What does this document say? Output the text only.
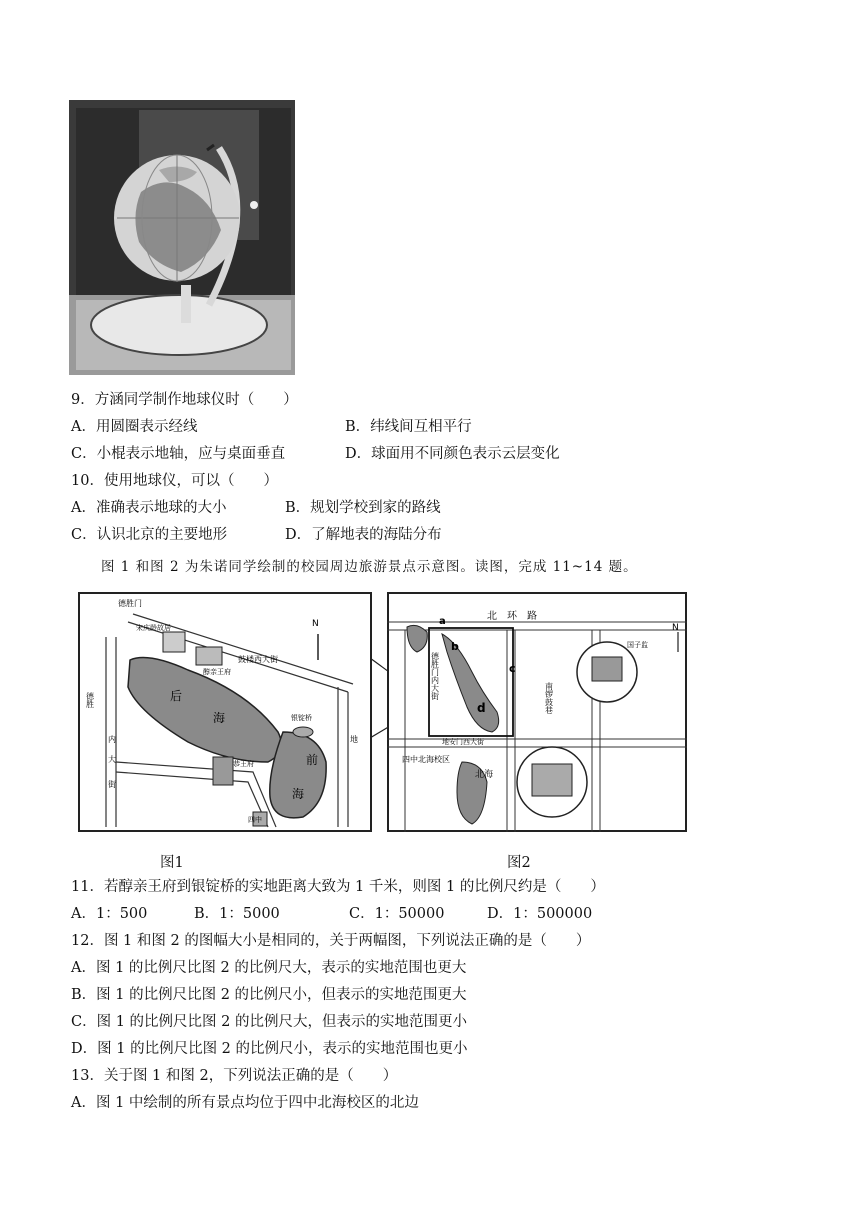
9．方涵同学制作地球仪时（　　）
A．用圆圈表示经线	B．纬线间互相平行
C．小棍表示地轴，应与桌面垂直	D．球面用不同颜色表示云层变化
10．使用地球仪，可以（　　）
A．准确表示地球的大小	B．规划学校到家的路线
C．认识北京的主要地形	D．了解地表的海陆分布
图 1 和图 2 为朱诺同学绘制的校园周边旅游景点示意图。读图，完成 11~14 题。
德胜门
德胜
宋庆龄故居
醇亲王府
后
海
鼓楼西大街
银锭桥
地
恭王府	前
海
内
大
街
四中
N
北　环　路
a
b
c
d
德胜门内大街	南锣鼓巷
国子监
四中北海校区
北海
地安门西大街
N
图1	图2
11．若醇亲王府到银锭桥的实地距离大致为 1 千米，则图 1 的比例尺约是（　　）
A．1：500	B．1：5000	C．1：50000	D．1：500000
12．图 1 和图 2 的图幅大小是相同的，关于两幅图，下列说法正确的是（　　）
A．图 1 的比例尺比图 2 的比例尺大，表示的实地范围也更大
B．图 1 的比例尺比图 2 的比例尺小，但表示的实地范围更大
C．图 1 的比例尺比图 2 的比例尺大，但表示的实地范围更小
D．图 1 的比例尺比图 2 的比例尺小，表示的实地范围也更小
13．关于图 1 和图 2，下列说法正确的是（　　）
A．图 1 中绘制的所有景点均位于四中北海校区的北边
